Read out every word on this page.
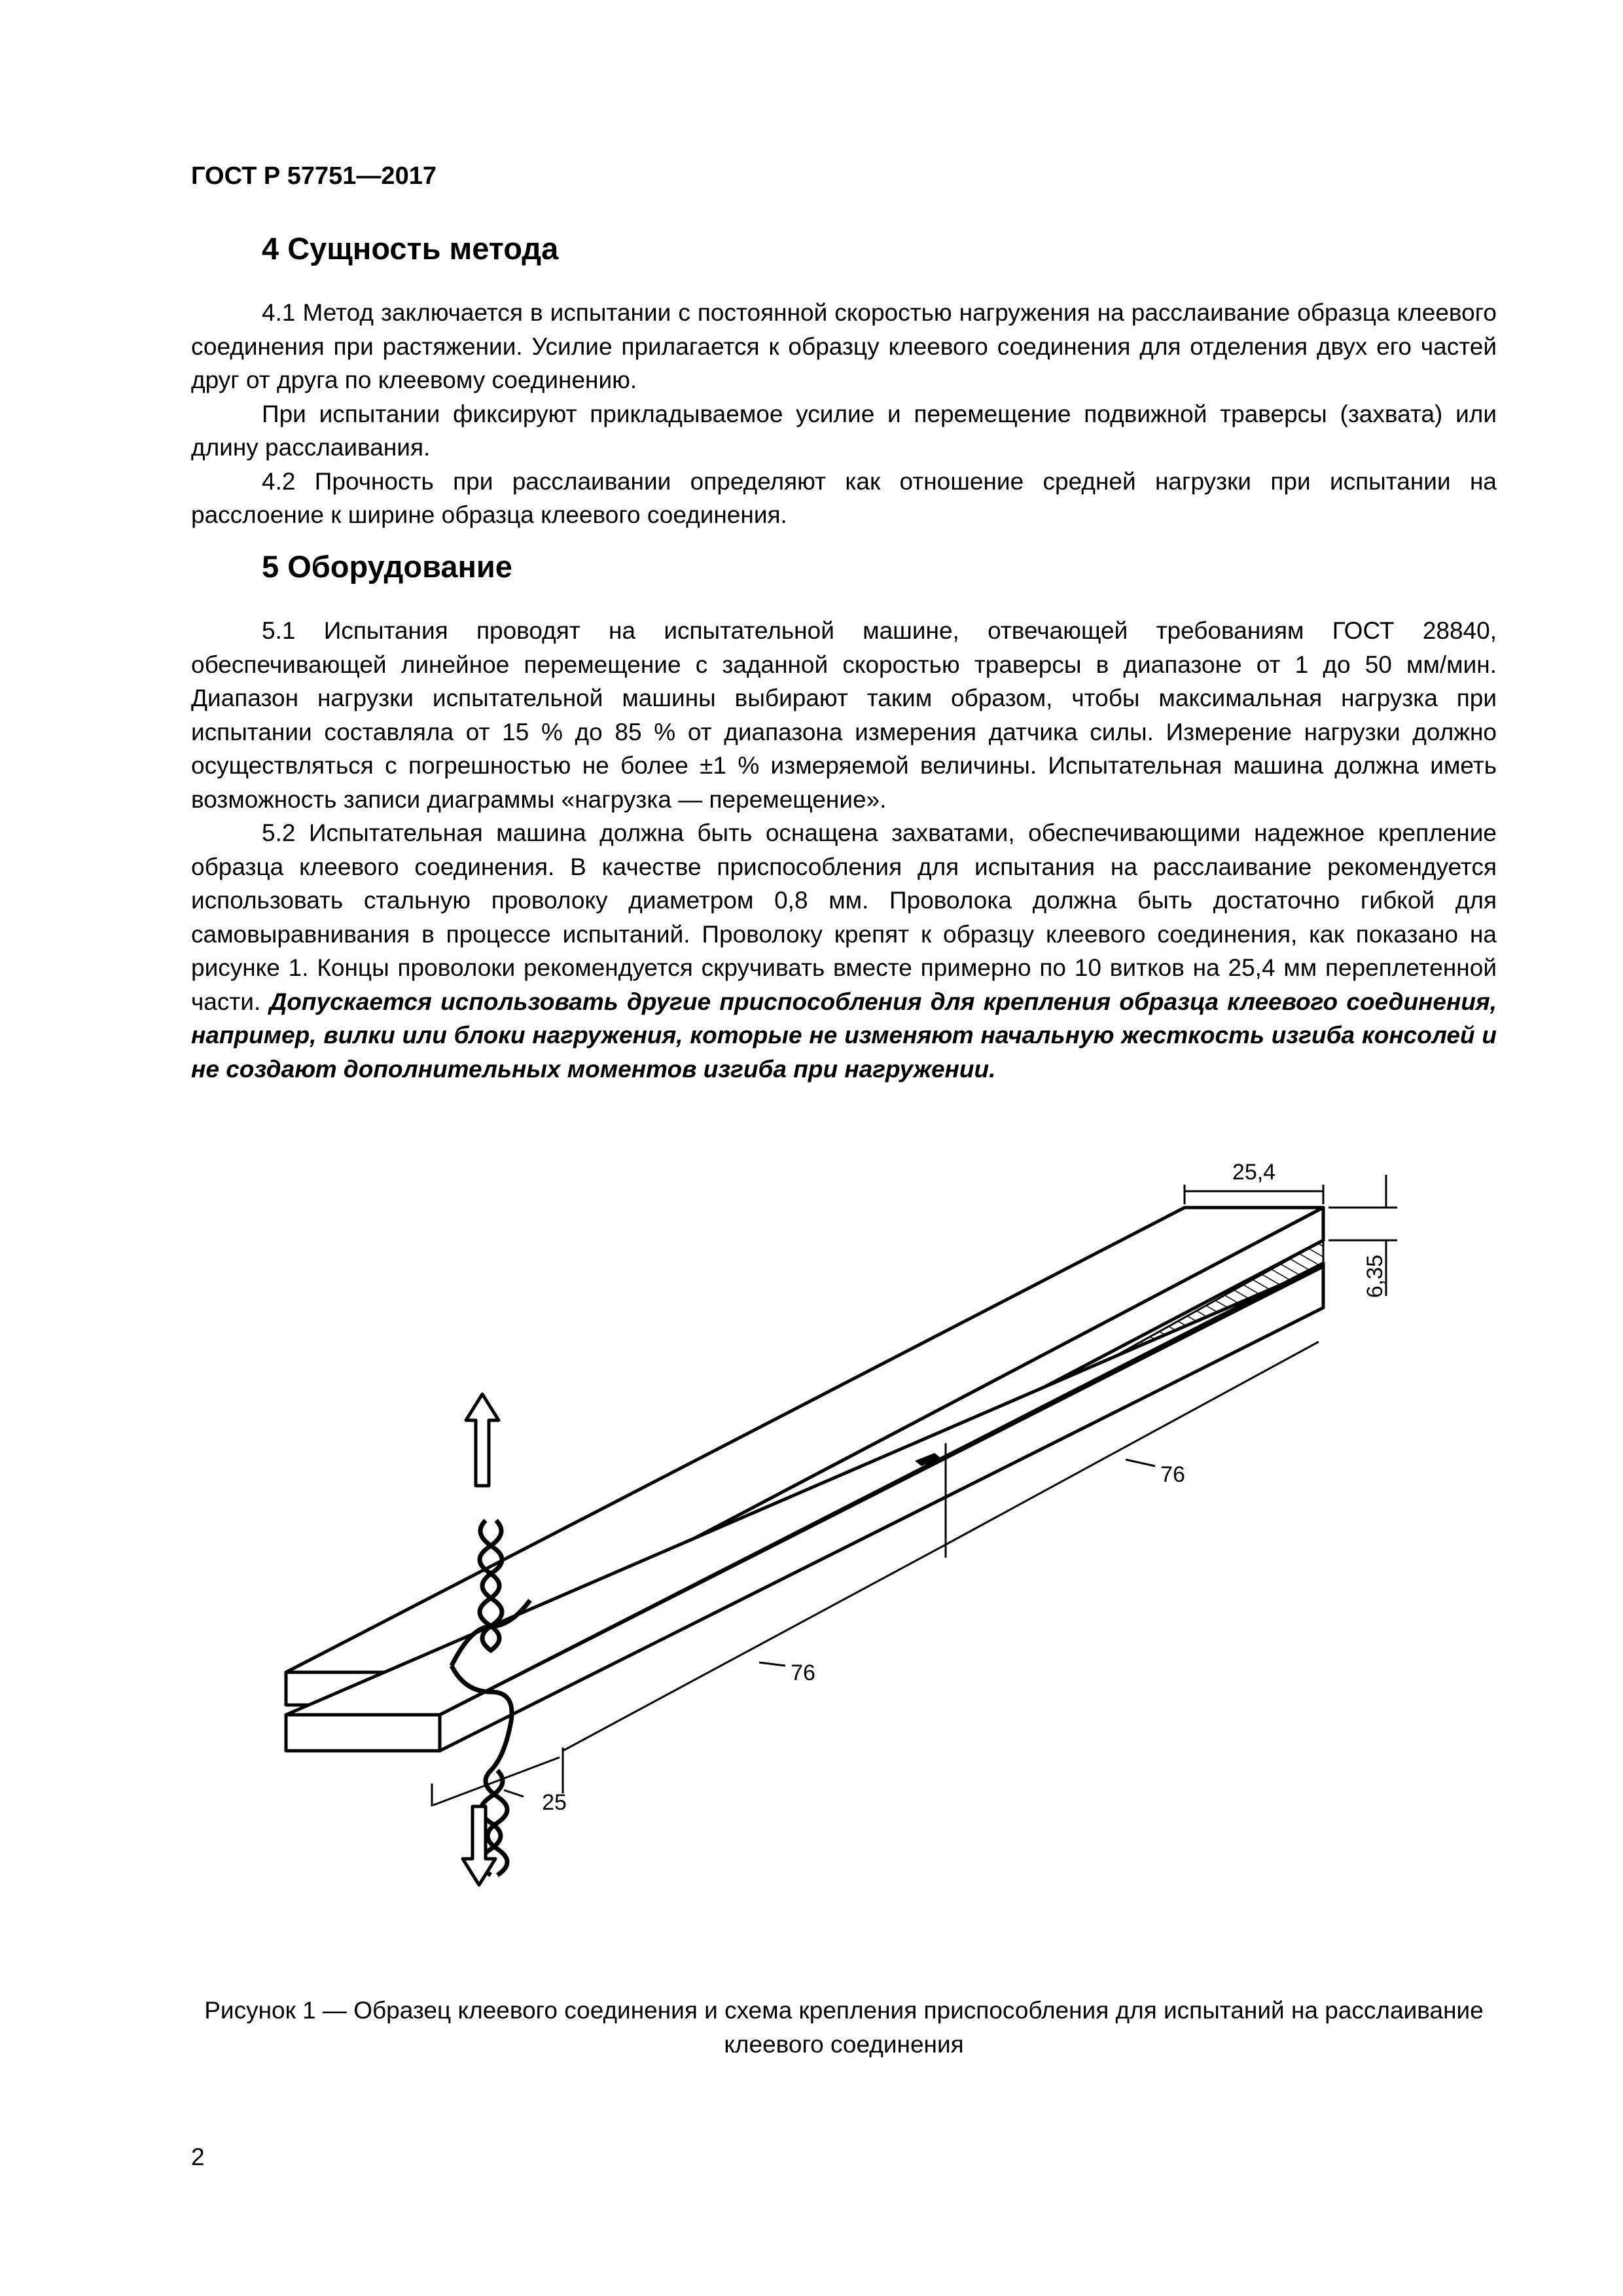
ГОСТ Р 57751—2017
4 Сущность метода

4.1 Метод заключается в испытании с постоянной скоростью нагружения на расслаивание образца клеевого соединения при растяжении. Усилие прилагается к образцу клеевого соединения для отделения двух его частей друг от друга по клеевому соединению.

При испытании фиксируют прикладываемое усилие и перемещение подвижной траверсы (захвата) или длину расслаивания.

4.2 Прочность при расслаивании определяют как отношение средней нагрузки при испытании на расслоение к ширине образца клеевого соединения.

5 Оборудование

5.1 Испытания проводят на испытательной машине, отвечающей требованиям ГОСТ 28840, обеспечивающей линейное перемещение с заданной скоростью траверсы в диапазоне от 1 до 50 мм/мин. Диапазон нагрузки испытательной машины выбирают таким образом, чтобы максимальная нагрузка при испытании составляла от 15 % до 85 % от диапазона измерения датчика силы. Измерение нагрузки должно осуществляться с погрешностью не более ±1 % измеряемой величины. Испытательная машина должна иметь возможность записи диаграммы «нагрузка — перемещение».

5.2 Испытательная машина должна быть оснащена захватами, обеспечивающими надежное крепление образца клеевого соединения. В качестве приспособления для испытания на расслаивание рекомендуется использовать стальную проволоку диаметром 0,8 мм. Проволока должна быть достаточно гибкой для самовыравнивания в процессе испытаний. Проволоку крепят к образцу клеевого соединения, как показано на рисунке 1. Концы проволоки рекомендуется скручивать вместе примерно по 10 витков на 25,4 мм переплетенной части. Допускается использовать другие приспособления для крепления образца клеевого соединения, например, вилки или блоки нагружения, которые не изменяют начальную жесткость изгиба консолей и не создают дополнительных моментов изгиба при нагружении.

25,4
6,35
76
76
25
Рисунок 1 — Образец клеевого соединения и схема крепления приспособления для испытаний на расслаивание клеевого соединения
2
